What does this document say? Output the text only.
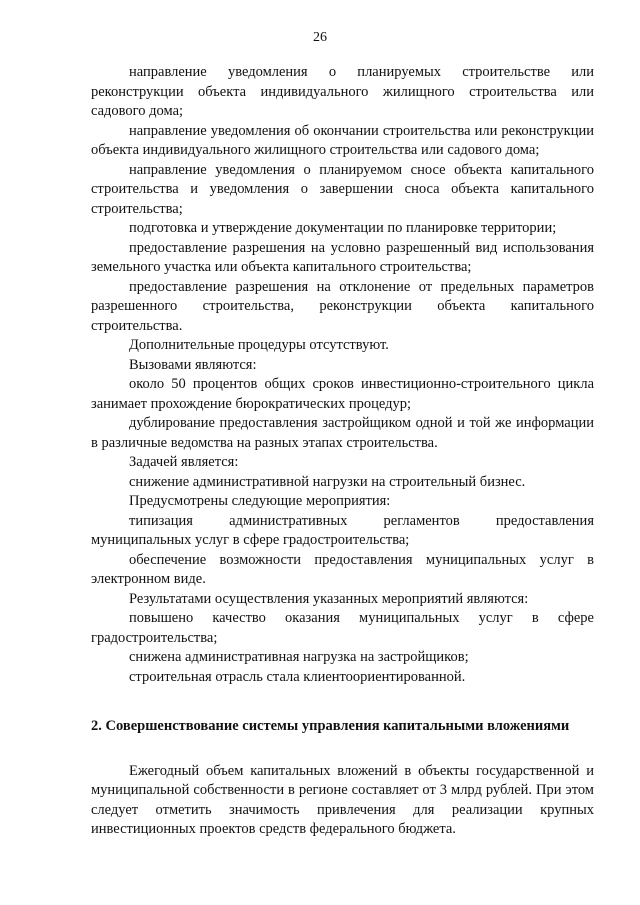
26

направление уведомления о планируемых строительстве или реконструкции объекта индивидуального жилищного строительства или садового дома;

направление уведомления об окончании строительства или реконструкции объекта индивидуального жилищного строительства или садового дома;

направление уведомления о планируемом сносе объекта капитального строительства и уведомления о завершении сноса объекта капитального строительства;

подготовка и утверждение документации по планировке территории;

предоставление разрешения на условно разрешенный вид использования земельного участка или объекта капитального строительства;

предоставление разрешения на отклонение от предельных параметров разрешенного строительства, реконструкции объекта капитального строительства.

Дополнительные процедуры отсутствуют.

Вызовами являются:

около 50 процентов общих сроков инвестиционно-строительного цикла занимает прохождение бюрократических процедур;

дублирование предоставления застройщиком одной и той же информации в различные ведомства на разных этапах строительства.

Задачей является:

снижение административной нагрузки на строительный бизнес.

Предусмотрены следующие мероприятия:

типизация административных регламентов предоставления муниципальных услуг в сфере градостроительства;

обеспечение возможности предоставления муниципальных услуг в электронном виде.

Результатами осуществления указанных мероприятий являются:

повышено качество оказания муниципальных услуг в сфере градостроительства;

снижена административная нагрузка на застройщиков;

строительная отрасль стала клиентоориентированной.

2. Совершенствование системы управления капитальными вложениями

Ежегодный объем капитальных вложений в объекты государственной и муниципальной собственности в регионе составляет от 3 млрд рублей. При этом следует отметить значимость привлечения для реализации крупных инвестиционных проектов средств федерального бюджета.
